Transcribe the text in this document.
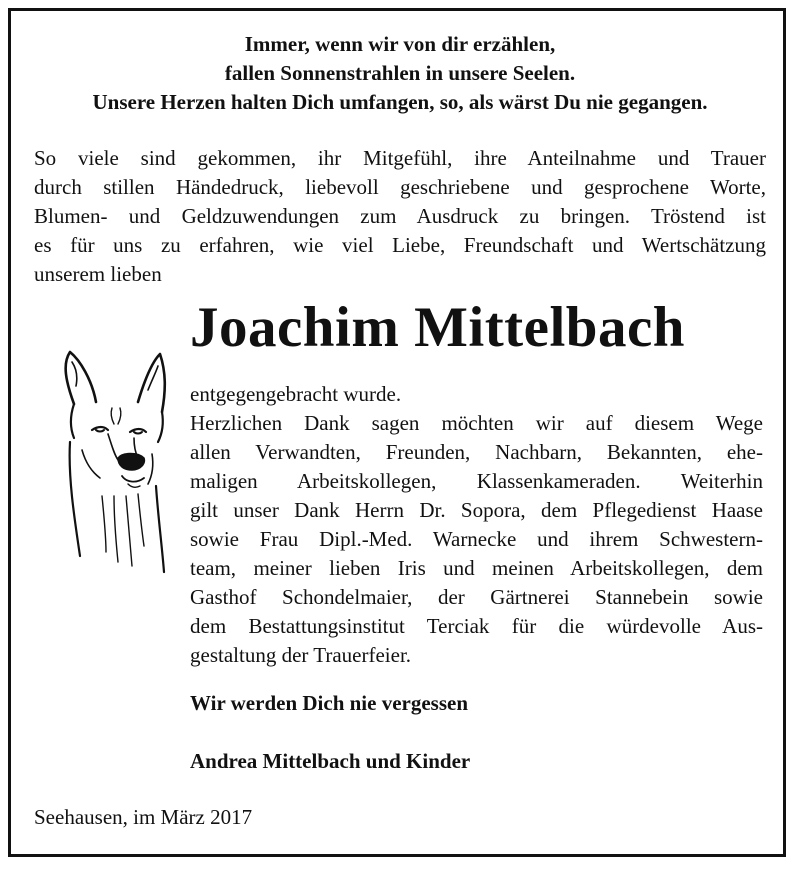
Immer, wenn wir von dir erzählen,
fallen Sonnenstrahlen in unsere Seelen.
Unsere Herzen halten Dich umfangen, so, als wärst Du nie gegangen.
So viele sind gekommen, ihr Mitgefühl, ihre Anteilnahme und Trauer
durch stillen Händedruck, liebevoll geschriebene und gesprochene Worte,
Blumen- und Geldzuwendungen zum Ausdruck zu bringen. Tröstend ist
es für uns zu erfahren, wie viel Liebe, Freundschaft und Wertschätzung
unserem lieben
Joachim Mittelbach
entgegengebracht wurde.
Herzlichen Dank sagen möchten wir auf diesem Wege
allen Verwandten, Freunden, Nachbarn, Bekannten, ehe-
maligen Arbeitskollegen, Klassenkameraden. Weiterhin
gilt unser Dank Herrn Dr. Sopora, dem Pflegedienst Haase
sowie Frau Dipl.-Med. Warnecke und ihrem Schwestern-
team, meiner lieben Iris und meinen Arbeitskollegen, dem
Gasthof Schondelmaier, der Gärtnerei Stannebein sowie
dem Bestattungsinstitut Terciak für die würdevolle Aus-
gestaltung der Trauerfeier.
Wir werden Dich nie vergessen
Andrea Mittelbach und Kinder
Seehausen, im März 2017
